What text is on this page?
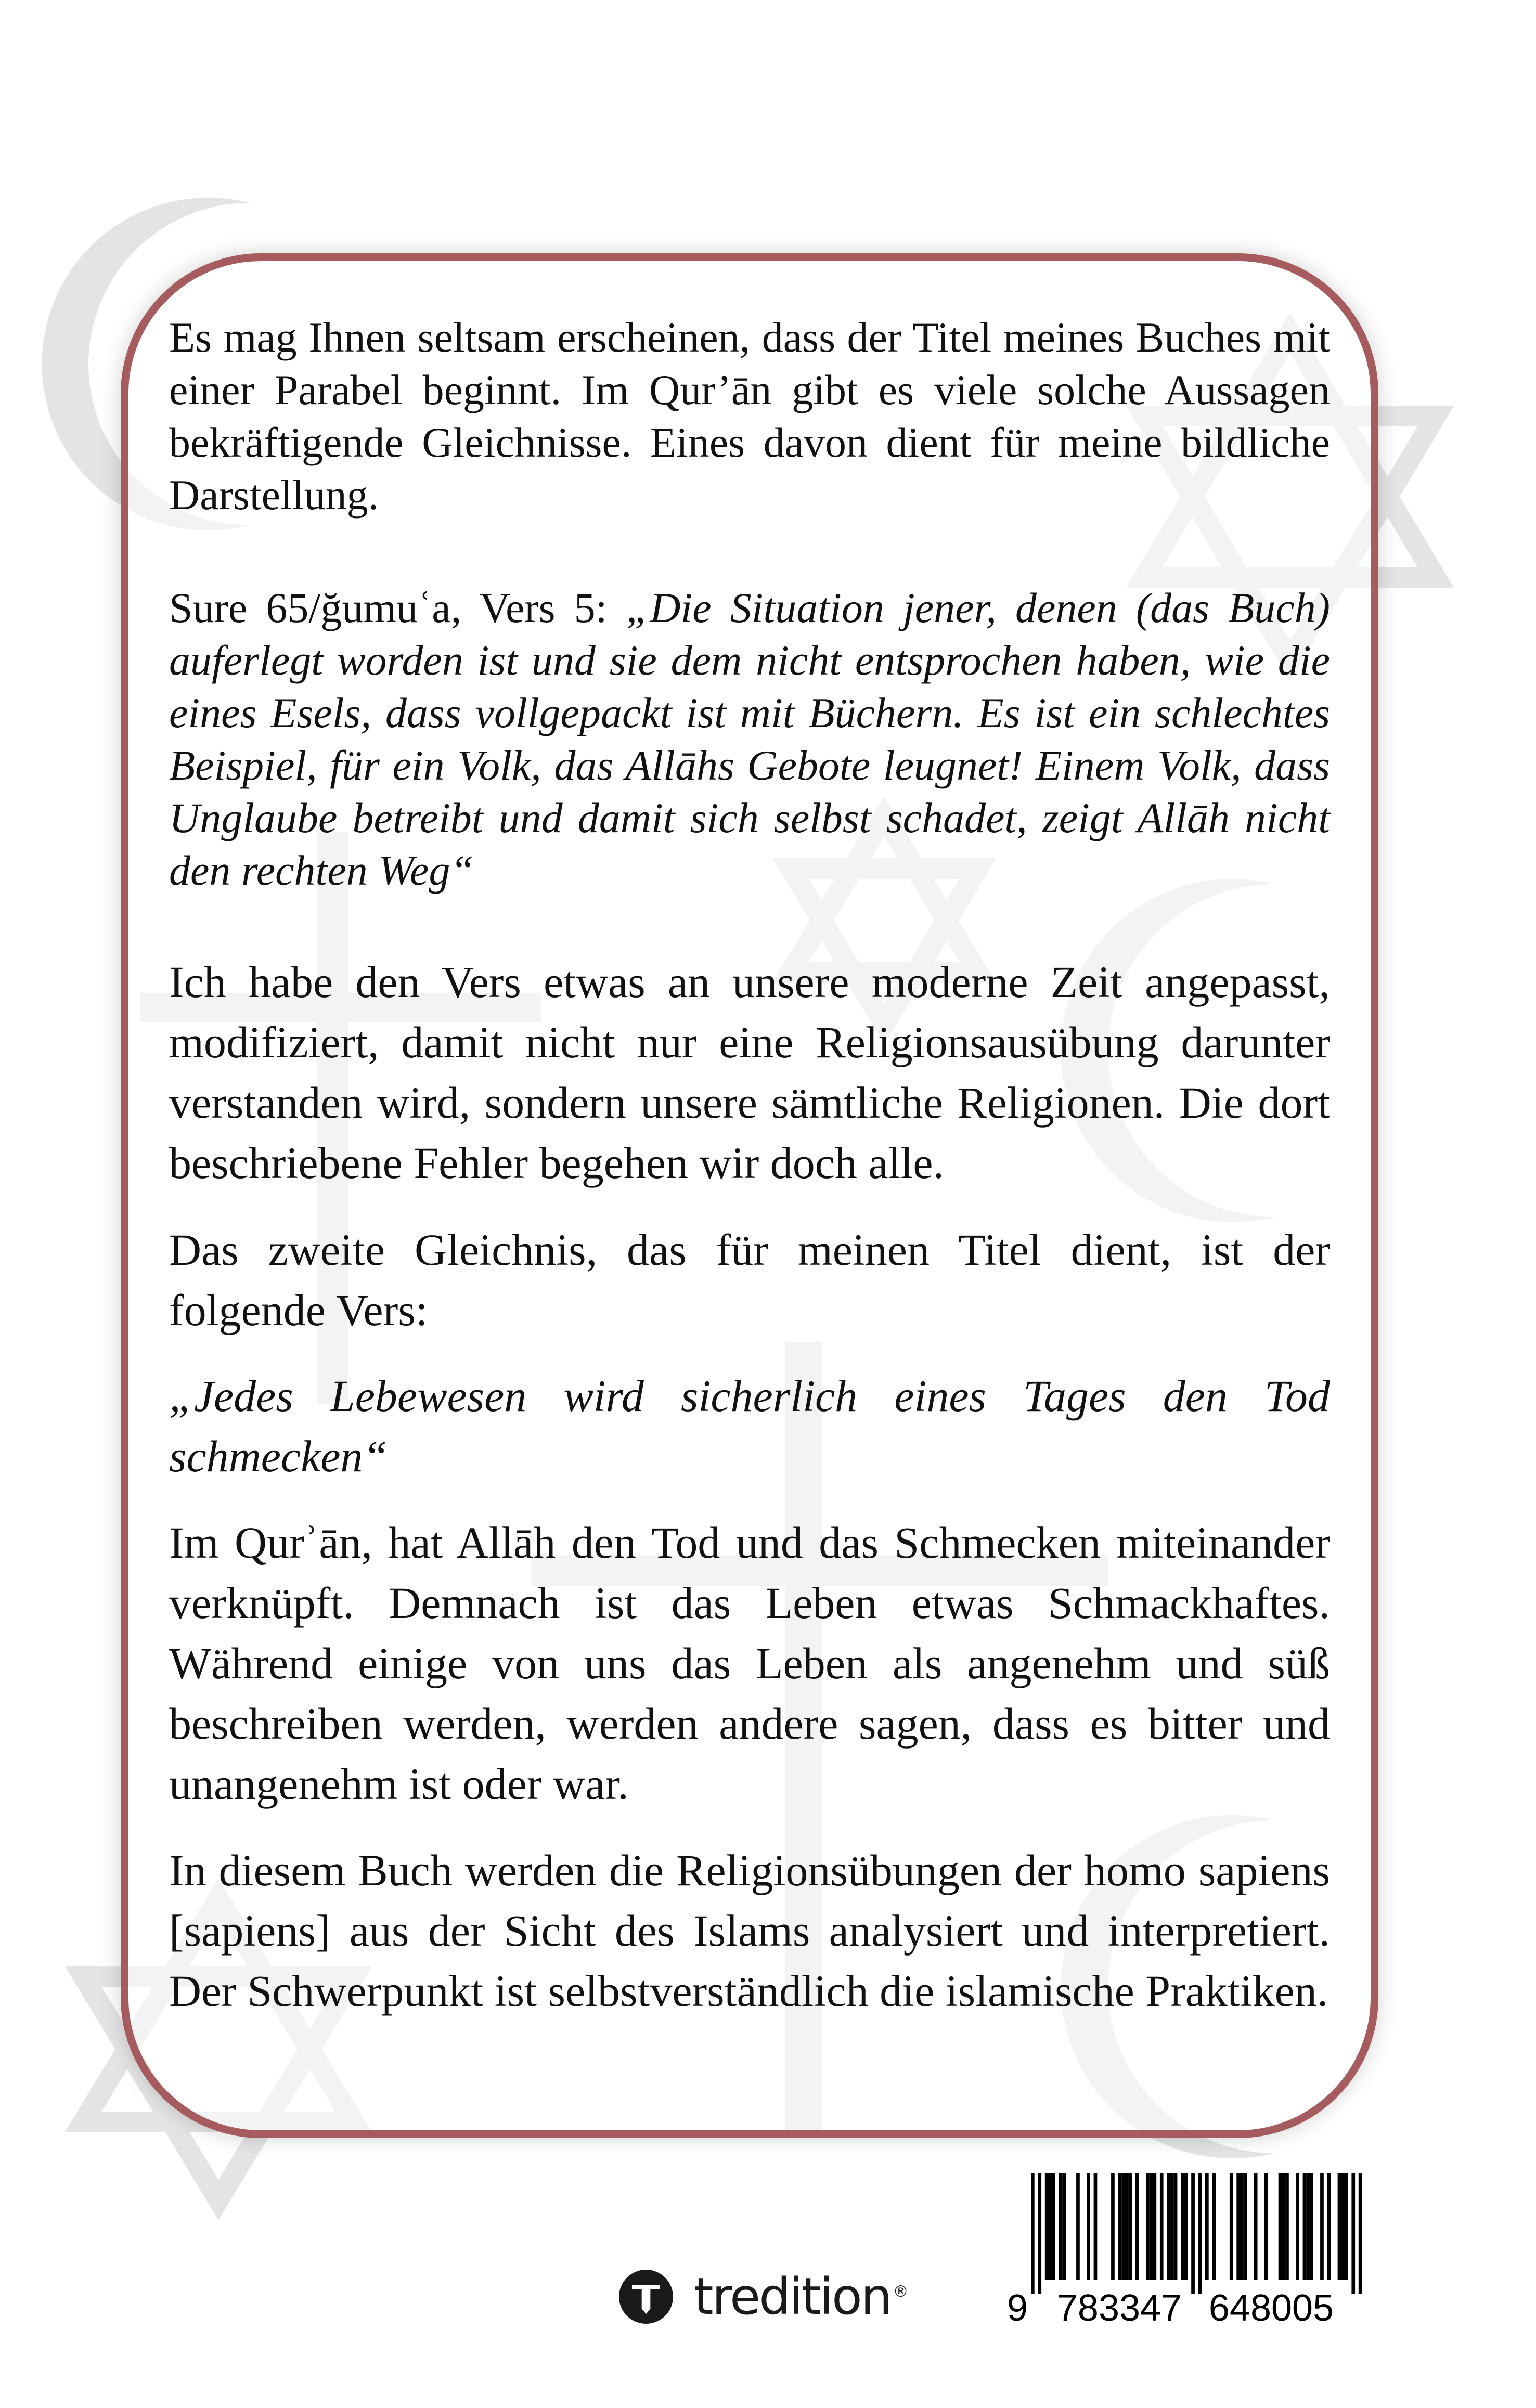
Es mag Ihnen seltsam erscheinen, dass der Titel meines Buches mit einer Parabel beginnt. Im Qur’ān gibt es viele solche Aussagen bekräftigende Gleichnisse. Eines davon dient für meine bildliche Darstellung.
Sure 65/ğumuʿa, Vers 5: „Die Situation jener, denen (das Buch) auferlegt worden ist und sie dem nicht entsprochen haben, wie die eines Esels, dass vollgepackt ist mit Büchern. Es ist ein schlechtes Beispiel, für ein Volk, das Allāhs Gebote leugnet! Einem Volk, dass Unglaube betreibt und damit sich selbst schadet, zeigt Allāh nicht den rechten Weg“
Ich habe den Vers etwas an unsere moderne Zeit angepasst, modifiziert, damit nicht nur eine Religionsausübung darunter verstanden wird, sondern unsere sämtliche Religionen. Die dort beschriebene Fehler begehen wir doch alle.
Das zweite Gleichnis, das für meinen Titel dient, ist der folgende Vers:
„Jedes Lebewesen wird sicherlich eines Tages den Tod schmecken“
Im Qurʾān, hat Allāh den Tod und das Schmecken miteinander verknüpft. Demnach ist das Leben etwas Schmackhaftes. Während einige von uns das Leben als angenehm und süß beschreiben werden, werden andere sagen, dass es bitter und unangenehm ist oder war.
In diesem Buch werden die Religionsübungen der homo sapiens [sapiens] aus der Sicht des Islams analysiert und interpretiert. Der Schwerpunkt ist selbstverständlich die islamische Praktiken.
tredition ®	9 783347 648005
